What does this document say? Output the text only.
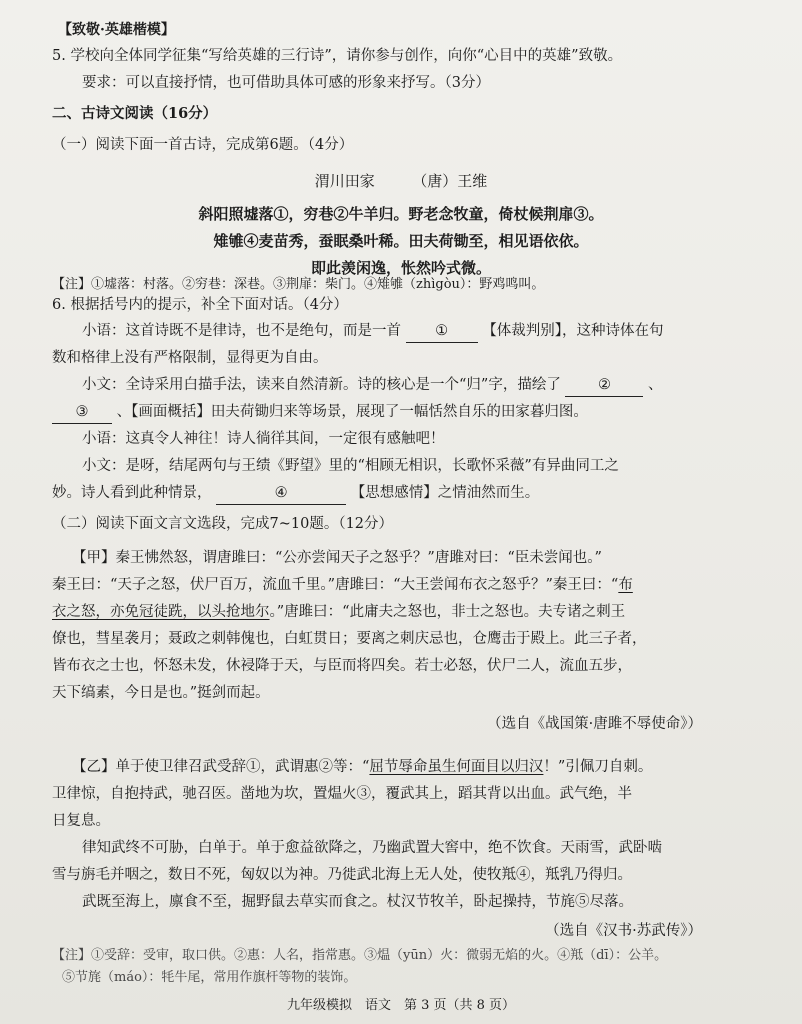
【致敬·英雄楷模】
5. 学校向全体同学征集“写给英雄的三行诗”，请你参与创作，向你“心目中的英雄”致敬。
要求：可以直接抒情，也可借助具体可感的形象来抒写。（3分）
二、古诗文阅读（16分）
（一）阅读下面一首古诗，完成第6题。（4分）
渭川田家	（唐）王维
斜阳照墟落①，穷巷②牛羊归。野老念牧童，倚杖候荆扉③。
雉雊④麦苗秀，蚕眠桑叶稀。田夫荷锄至，相见语依依。
即此羡闲逸，怅然吟式微。
【注】①墟落：村落。②穷巷：深巷。③荆扉：柴门。④雉雊（zhìgòu）：野鸡鸣叫。
6. 根据括号内的提示，补全下面对话。（4分）
小语：这首诗既不是律诗，也不是绝句，而是一首 ① 【体裁判别】，这种诗体在句
数和格律上没有严格限制，显得更为自由。
小文：全诗采用白描手法，读来自然清新。诗的核心是一个“归”字，描绘了	②	、
③ 、【画面概括】田夫荷锄归来等场景，展现了一幅恬然自乐的田家暮归图。
小语：这真令人神往！诗人徜徉其间，一定很有感触吧！
小文：是呀，结尾两句与王绩《野望》里的“相顾无相识，长歌怀采薇”有异曲同工之
妙。诗人看到此种情景，	④	【思想感情】之情油然而生。
（二）阅读下面文言文选段，完成7~10题。（12分）
【甲】秦王怫然怒，谓唐雎曰：“公亦尝闻天子之怒乎？”唐雎对曰：“臣未尝闻也。”
秦王曰：“天子之怒，伏尸百万，流血千里。”唐雎曰：“大王尝闻布衣之怒乎？”秦王曰：“布
衣之怒，亦免冠徒跣，以头抢地尔。”唐雎曰：“此庸夫之怒也，非士之怒也。夫专诸之刺王
僚也，彗星袭月；聂政之刺韩傀也，白虹贯日；要离之刺庆忌也，仓鹰击于殿上。此三子者，
皆布衣之士也，怀怒未发，休祲降于天，与臣而将四矣。若士必怒，伏尸二人，流血五步，
天下缟素，今日是也。”挺剑而起。
（选自《战国策·唐雎不辱使命》）
【乙】单于使卫律召武受辞①，武谓惠②等：“屈节辱命虽生何面目以归汉！”引佩刀自刺。
卫律惊，自抱持武，驰召医。凿地为坎，置煴火③，覆武其上，蹈其背以出血。武气绝，半
日复息。
律知武终不可胁，白单于。单于愈益欲降之，乃幽武置大窖中，绝不饮食。天雨雪，武卧啮
雪与旃毛并咽之，数日不死，匈奴以为神。乃徙武北海上无人处，使牧羝④，羝乳乃得归。
武既至海上，廪食不至，掘野鼠去草实而食之。杖汉节牧羊，卧起操持，节旄⑤尽落。
（选自《汉书·苏武传》）
【注】①受辞：受审，取口供。②惠：人名，指常惠。③煴（yūn）火：微弱无焰的火。④羝（dī）：公羊。
⑤节旄（máo）：牦牛尾，常用作旗杆等物的装饰。
九年级模拟　语文　第 3 页（共 8 页）
